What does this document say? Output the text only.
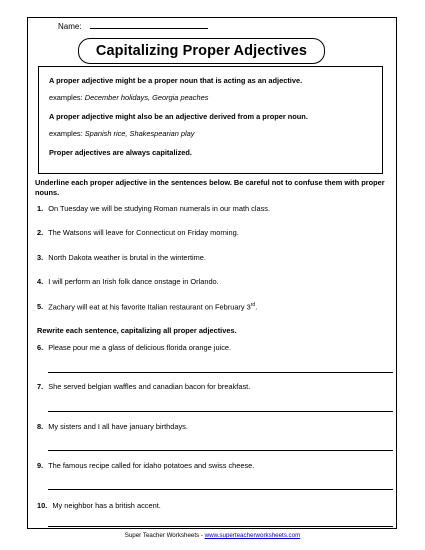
Name:
Capitalizing Proper Adjectives

A proper adjective might be a proper noun that is acting as an adjective.

examples: December holidays, Georgia peaches

A proper adjective might also be an adjective derived from a proper noun.

examples: Spanish rice, Shakespearian play

Proper adjectives are always capitalized.

Underline each proper adjective in the sentences below. Be careful not to confuse them with proper nouns.
1. On Tuesday we will be studying Roman numerals in our math class.
2. The Watsons will leave for Connecticut on Friday morning.
3. North Dakota weather is brutal in the wintertime.
4. I will perform an Irish folk dance onstage in Orlando.
5. Zachary will eat at his favorite Italian restaurant on February 3rd.
Rewrite each sentence, capitalizing all proper adjectives.
6. Please pour me a glass of delicious florida orange juice.
7. She served belgian waffles and canadian bacon for breakfast.
8. My sisters and I all have january birthdays.
9. The famous recipe called for idaho potatoes and swiss cheese.
10. My neighbor has a british accent.
Super Teacher Worksheets - www.superteacherworksheets.com
